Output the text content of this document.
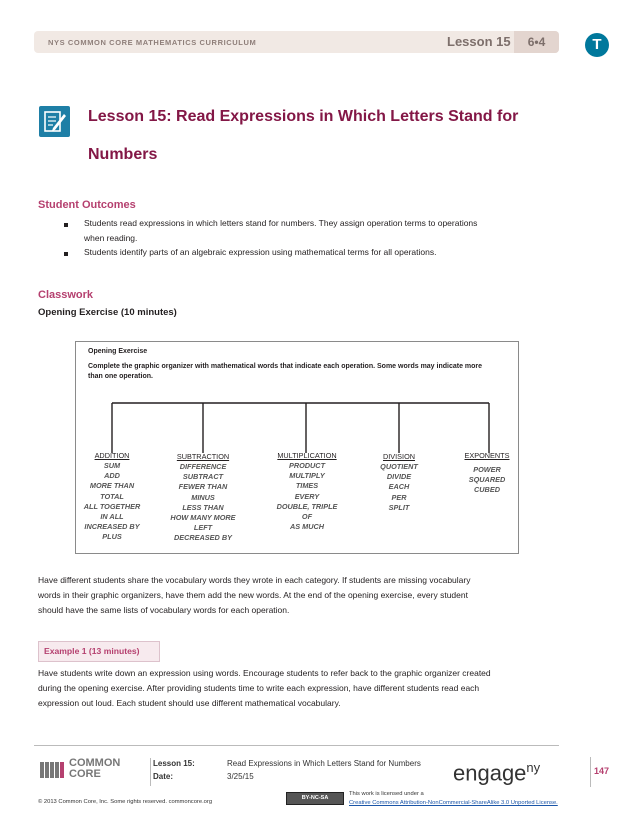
NYS COMMON CORE MATHEMATICS CURRICULUM	Lesson 15	6•4	T
Lesson 15: Read Expressions in Which Letters Stand for
Numbers
Student Outcomes
Students read expressions in which letters stand for numbers. They assign operation terms to operations
when reading.
Students identify parts of an algebraic expression using mathematical terms for all operations.
Classwork
Opening Exercise (10 minutes)
Opening Exercise
Complete the graphic organizer with mathematical words that indicate each operation. Some words may indicate more
than one operation.
ADDITION
SUM
ADD
MORE THAN
TOTAL
ALL TOGETHER
IN ALL
INCREASED BY
PLUS
SUBTRACTION
DIFFERENCE
SUBTRACT
FEWER THAN
MINUS
LESS THAN
HOW MANY MORE
LEFT
DECREASED BY
MULTIPLICATION
PRODUCT
MULTIPLY
TIMES
EVERY
DOUBLE, TRIPLE
OF
AS MUCH
DIVISION
QUOTIENT
DIVIDE
EACH
PER
SPLIT
EXPONENTS
POWER
SQUARED
CUBED
Have different students share the vocabulary words they wrote in each category. If students are missing vocabulary
words in their graphic organizers, have them add the new words. At the end of the opening exercise, every student
should have the same lists of vocabulary words for each operation.
Example 1 (13 minutes)
Have students write down an expression using words. Encourage students to refer back to the graphic organizer created
during the opening exercise. After providing students time to write each expression, have different students read each
expression out loud. Each student should use different mathematical vocabulary.
COMMON
CORE
Lesson 15:
Date:
Read Expressions in Which Letters Stand for Numbers
3/25/15	engage$^{ny}$	147
© 2013 Common Core, Inc. Some rights reserved. commoncore.org
BY-NC-SA
This work is licensed under a
Creative Commons Attribution-NonCommercial-ShareAlike 3.0 Unported License.
